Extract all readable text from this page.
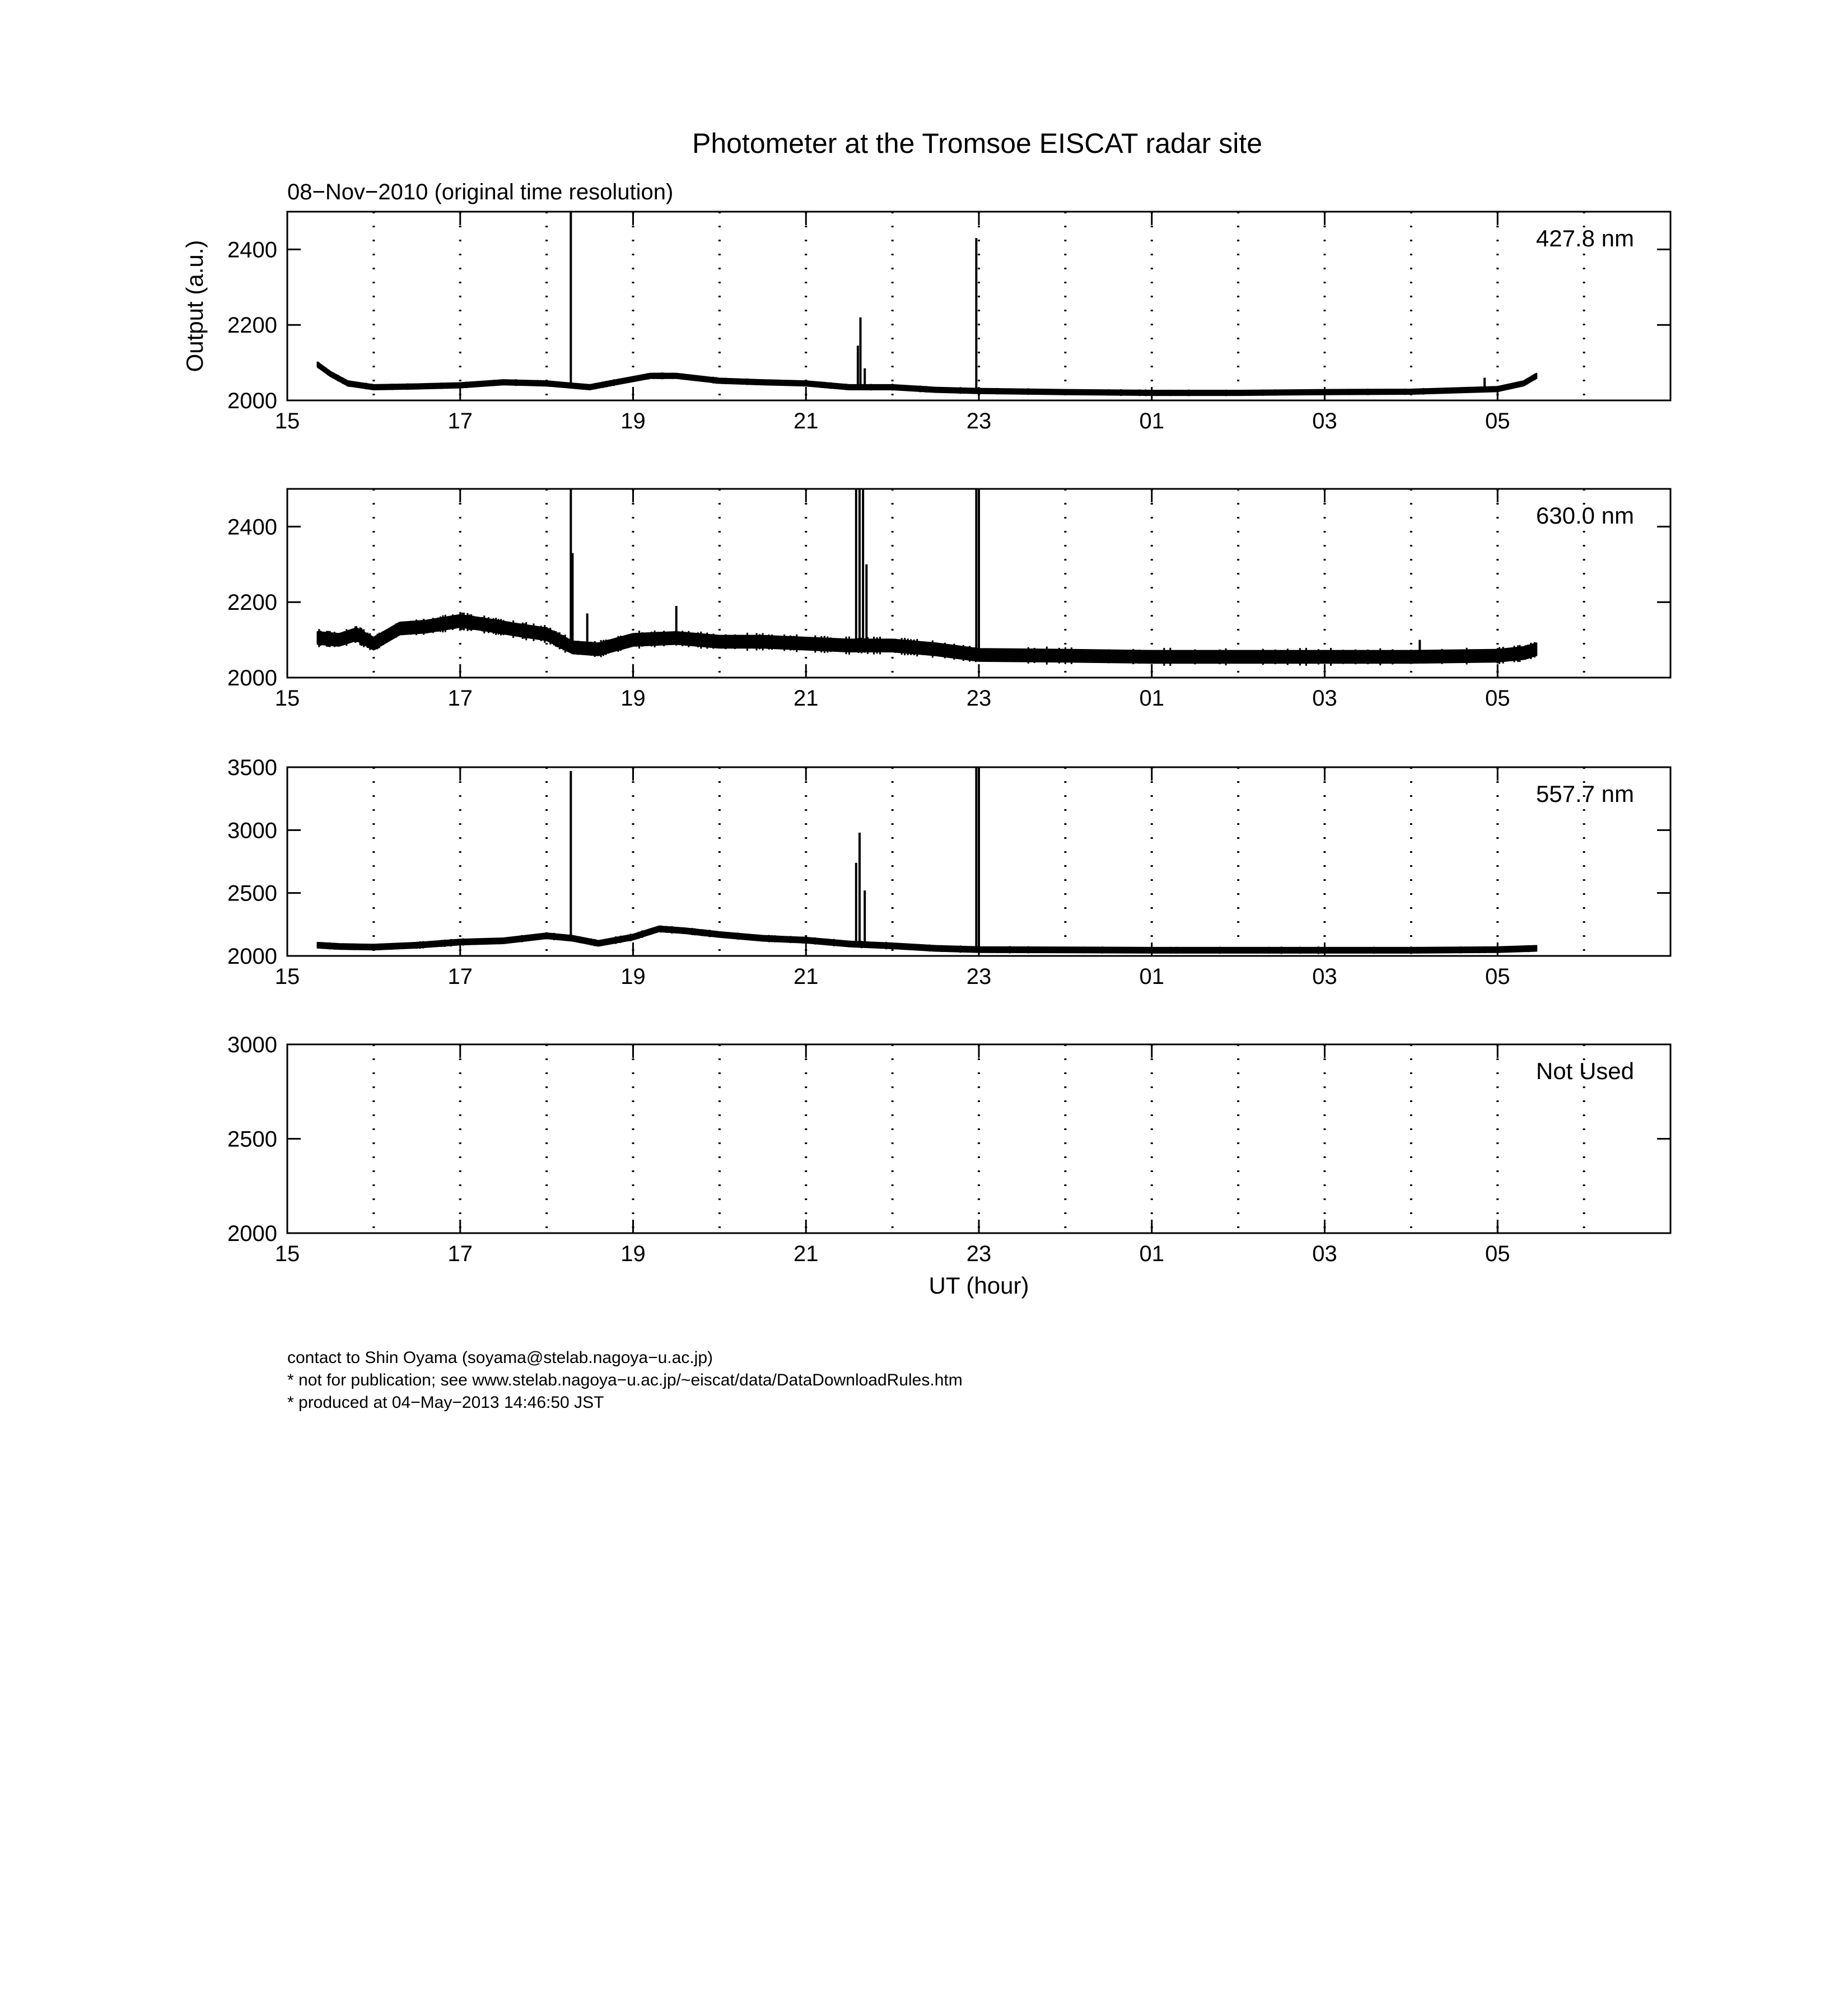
Photometer at the Tromsoe EISCAT radar site
08−Nov−2010 (original time resolution)
15	17	19	21	23	01	03	05
2000
2200
2400	427.8 nm
Output (a.u.)
15	17	19	21	23	01	03	05
2000
2200
2400	630.0 nm
15	17	19	21	23	01	03	05
2000
2500
3000
3500
557.7 nm
15	17	19	21	23	01	03	05
2000
2500
3000
Not Used
UT (hour)
contact to Shin Oyama (soyama@stelab.nagoya−u.ac.jp)
* not for publication; see www.stelab.nagoya−u.ac.jp/~eiscat/data/DataDownloadRules.htm
* produced at 04−May−2013 14:46:50 JST
